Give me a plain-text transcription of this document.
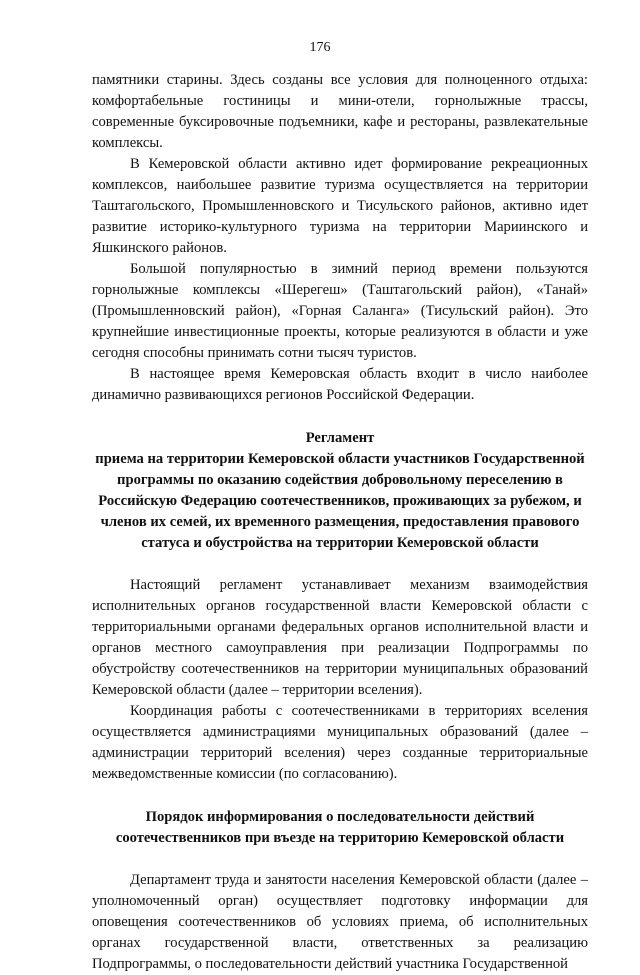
176

памятники старины. Здесь созданы все условия для полноценного отдыха: комфортабельные гостиницы и мини-отели, горнолыжные трассы, современные буксировочные подъемники, кафе и рестораны, развлекательные комплексы.

В Кемеровской области активно идет формирование рекреационных комплексов, наибольшее развитие туризма осуществляется на территории Таштагольского, Промышленновского и Тисульского районов, активно идет развитие историко-культурного туризма на территории Мариинского и Яшкинского районов.

Большой популярностью в зимний период времени пользуются горнолыжные комплексы «Шерегеш» (Таштагольский район), «Танай» (Промышленновский район), «Горная Саланга» (Тисульский район). Это крупнейшие инвестиционные проекты, которые реализуются в области и уже сегодня способны принимать сотни тысяч туристов.

В настоящее время Кемеровская область входит в число наиболее динамично развивающихся регионов Российской Федерации.

Регламент

приема на территории Кемеровской области участников Государственной программы по оказанию содействия добровольному переселению в Российскую Федерацию соотечественников, проживающих за рубежом, и членов их семей, их временного размещения, предоставления правового статуса и обустройства на территории Кемеровской области

Настоящий регламент устанавливает механизм взаимодействия исполнительных органов государственной власти Кемеровской области с территориальными органами федеральных органов исполнительной власти и органов местного самоуправления при реализации Подпрограммы по обустройству соотечественников на территории муниципальных образований Кемеровской области (далее – территории вселения).

Координация работы с соотечественниками в территориях вселения осуществляется администрациями муниципальных образований (далее – администрации территорий вселения) через созданные территориальные межведомственные комиссии (по согласованию).

Порядок информирования о последовательности действий соотечественников при въезде на территорию Кемеровской области

Департамент труда и занятости населения Кемеровской области (далее – уполномоченный орган) осуществляет подготовку информации для оповещения соотечественников об условиях приема, об исполнительных органах государственной власти, ответственных за реализацию Подпрограммы, о последовательности действий участника Государственной
